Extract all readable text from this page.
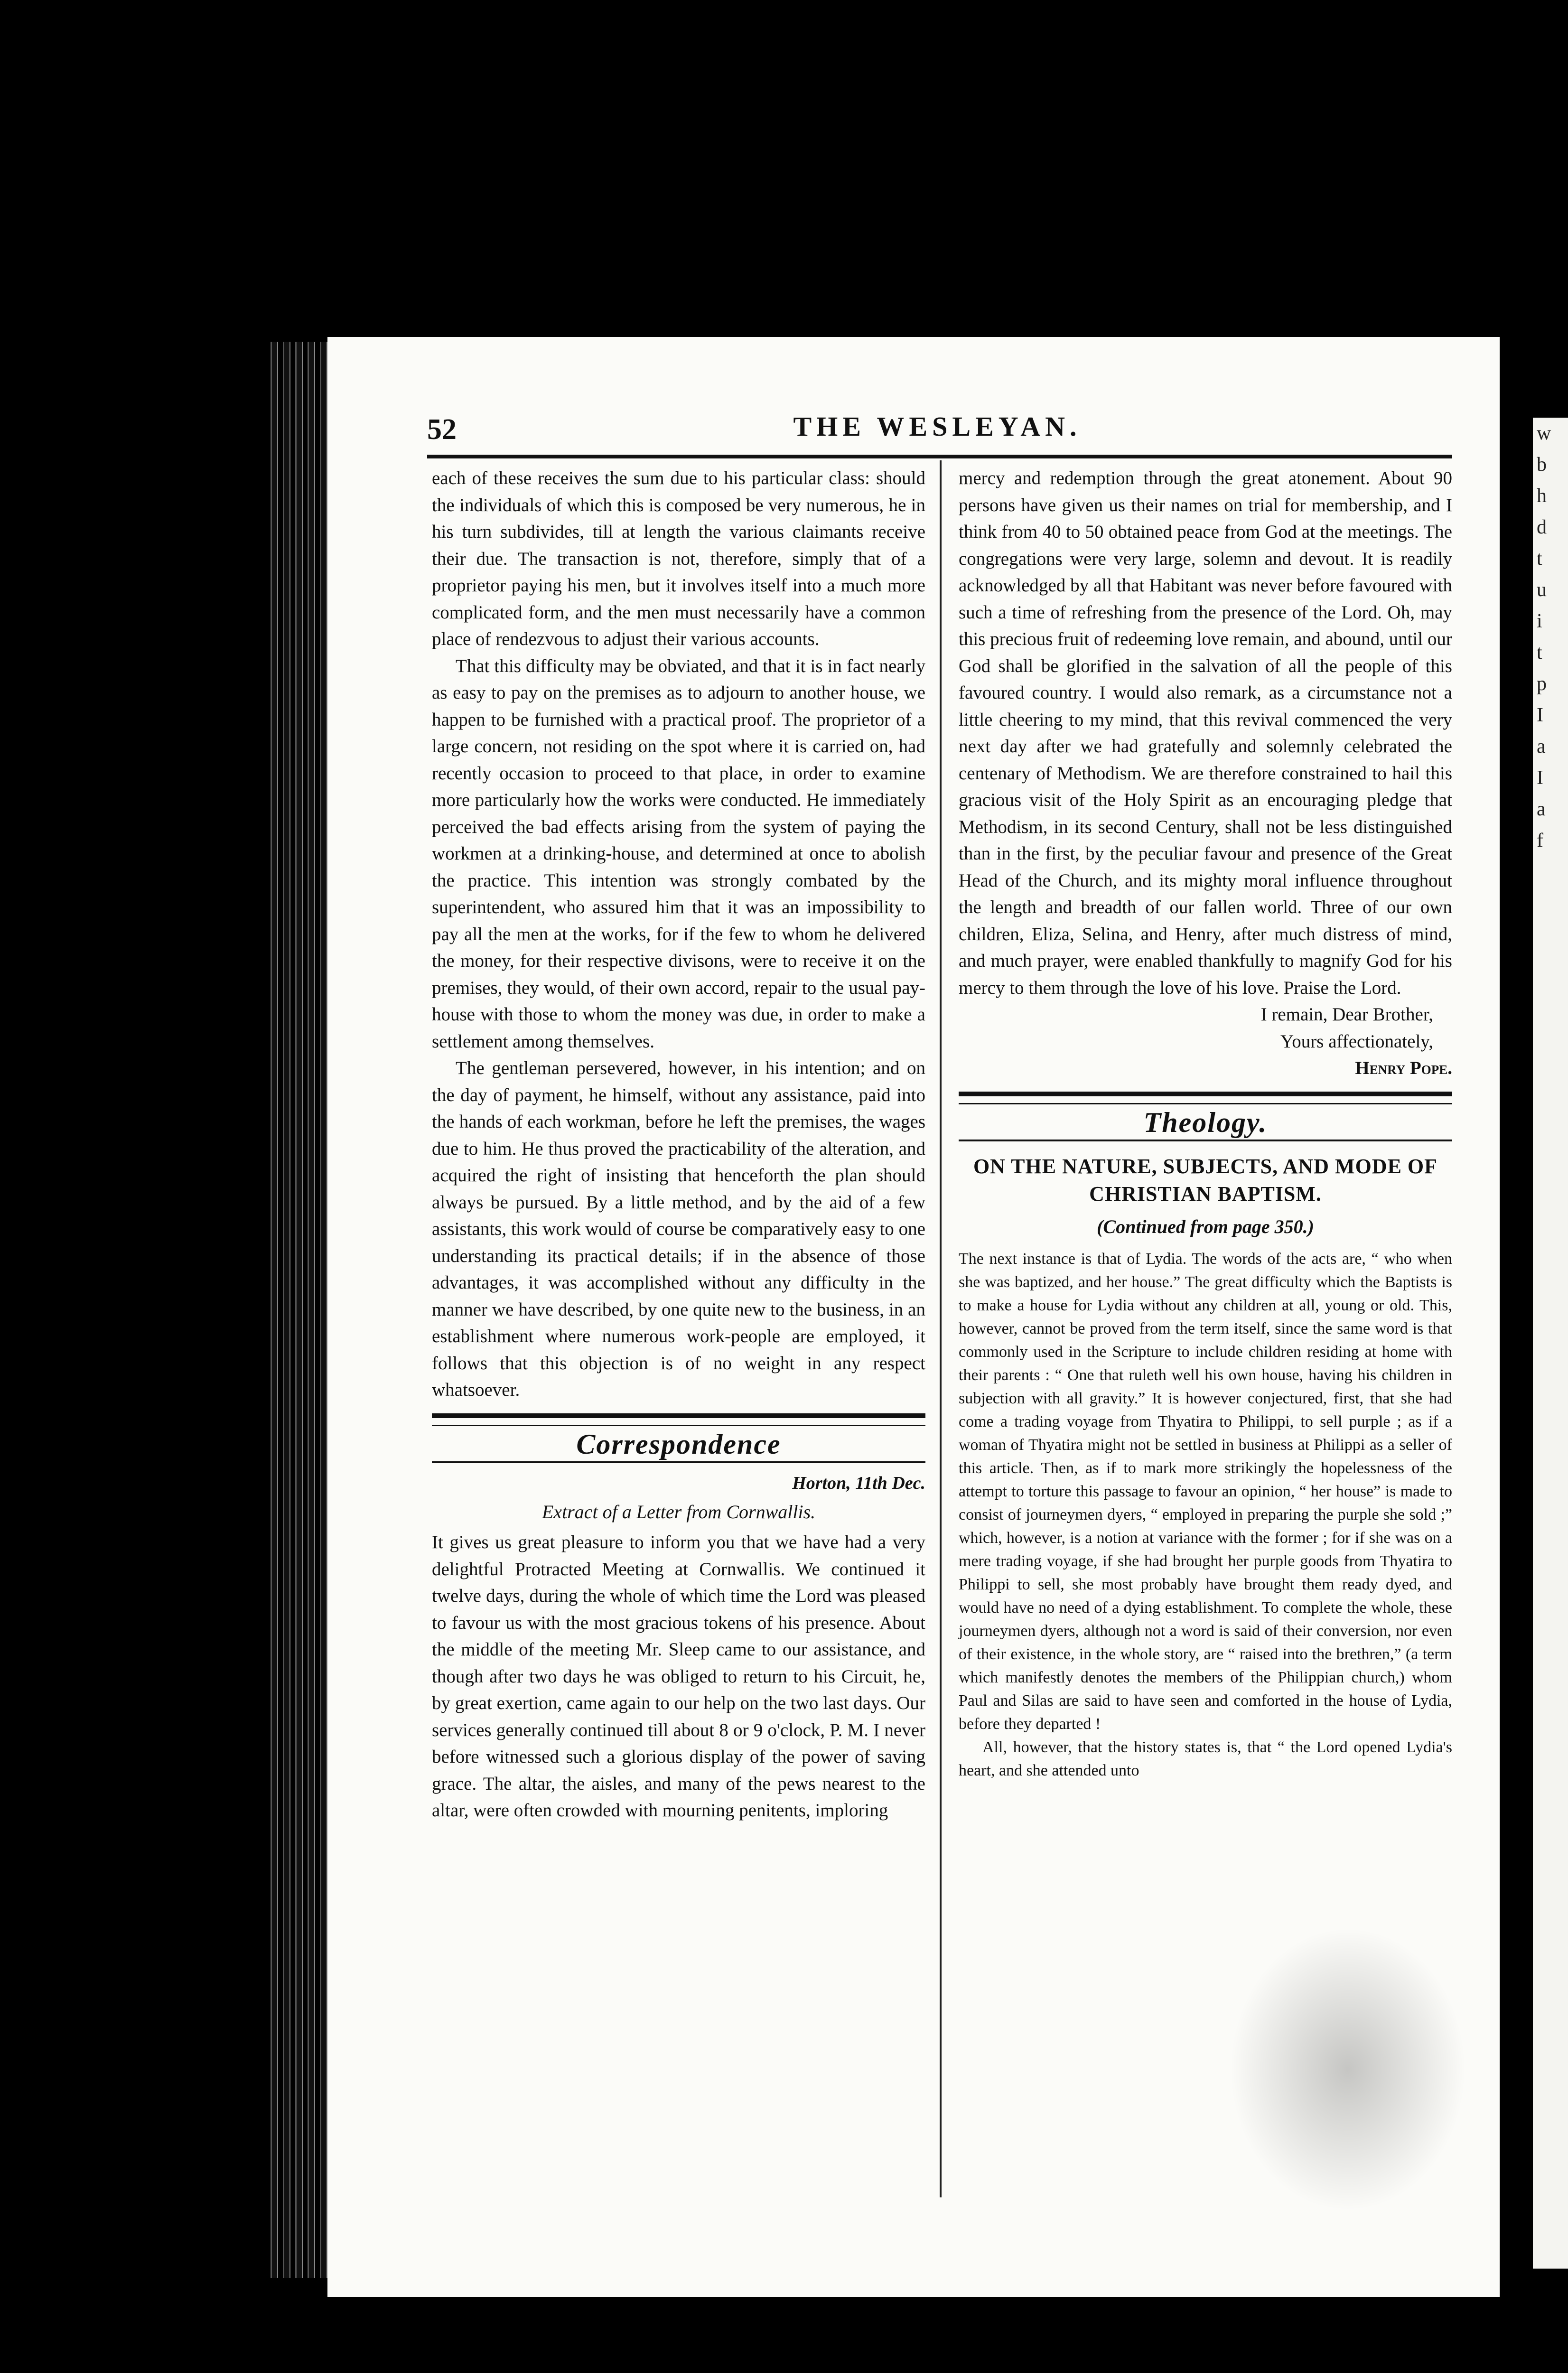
w
b
h
d
t
u
i
t
p
I
a
I
a
f
52	THE WESLEYAN.

each of these receives the sum due to his particular class: should the individuals of which this is composed be very numerous, he in his turn subdivides, till at length the various claimants receive their due. The transaction is not, therefore, simply that of a proprietor paying his men, but it involves itself into a much more complicated form, and the men must necessarily have a common place of rendezvous to adjust their various accounts.

That this difficulty may be obviated, and that it is in fact nearly as easy to pay on the premises as to adjourn to another house, we happen to be furnished with a practical proof. The proprietor of a large concern, not residing on the spot where it is carried on, had recently occasion to proceed to that place, in order to examine more particularly how the works were conducted. He immediately perceived the bad effects arising from the system of paying the workmen at a drinking-house, and determined at once to abolish the practice. This intention was strongly combated by the superintendent, who assured him that it was an impossibility to pay all the men at the works, for if the few to whom he delivered the money, for their respective divisons, were to receive it on the premises, they would, of their own accord, repair to the usual pay-house with those to whom the money was due, in order to make a settlement among themselves.

The gentleman persevered, however, in his intention; and on the day of payment, he himself, without any assistance, paid into the hands of each workman, before he left the premises, the wages due to him. He thus proved the practicability of the alteration, and acquired the right of insisting that henceforth the plan should always be pursued. By a little method, and by the aid of a few assistants, this work would of course be comparatively easy to one understanding its practical details; if in the absence of those advantages, it was accomplished without any difficulty in the manner we have described, by one quite new to the business, in an establishment where numerous work-people are employed, it follows that this objection is of no weight in any respect whatsoever.

Correspondence
Horton, 11th Dec.
Extract of a Letter from Cornwallis.

It gives us great pleasure to inform you that we have had a very delightful Protracted Meeting at Cornwallis. We continued it twelve days, during the whole of which time the Lord was pleased to favour us with the most gracious tokens of his presence. About the middle of the meeting Mr. Sleep came to our assistance, and though after two days he was obliged to return to his Circuit, he, by great exertion, came again to our help on the two last days. Our services generally continued till about 8 or 9 o'clock, P. M. I never before witnessed such a glorious display of the power of saving grace. The altar, the aisles, and many of the pews nearest to the altar, were often crowded with mourning penitents, imploring

mercy and redemption through the great atonement. About 90 persons have given us their names on trial for membership, and I think from 40 to 50 obtained peace from God at the meetings. The congregations were very large, solemn and devout. It is readily acknowledged by all that Habitant was never before favoured with such a time of refreshing from the presence of the Lord. Oh, may this precious fruit of redeeming love remain, and abound, until our God shall be glorified in the salvation of all the people of this favoured country. I would also remark, as a circumstance not a little cheering to my mind, that this revival commenced the very next day after we had gratefully and solemnly celebrated the centenary of Methodism. We are therefore constrained to hail this gracious visit of the Holy Spirit as an encouraging pledge that Methodism, in its second Century, shall not be less distinguished than in the first, by the peculiar favour and presence of the Great Head of the Church, and its mighty moral influence throughout the length and breadth of our fallen world. Three of our own children, Eliza, Selina, and Henry, after much distress of mind, and much prayer, were enabled thankfully to magnify God for his mercy to them through the love of his love. Praise the Lord.

I remain, Dear Brother,
Yours affectionately,
Henry Pope.
Theology.
ON THE NATURE, SUBJECTS, AND MODE OF CHRISTIAN BAPTISM.
(Continued from page 350.)

The next instance is that of Lydia. The words of the acts are, “ who when she was baptized, and her house.” The great difficulty which the Baptists is to make a house for Lydia without any children at all, young or old. This, however, cannot be proved from the term itself, since the same word is that commonly used in the Scripture to include children residing at home with their parents : “ One that ruleth well his own house, having his children in subjection with all gravity.” It is however conjectured, first, that she had come a trading voyage from Thyatira to Philippi, to sell purple ; as if a woman of Thyatira might not be settled in business at Philippi as a seller of this article. Then, as if to mark more strikingly the hopelessness of the attempt to torture this passage to favour an opinion, “ her house” is made to consist of journeymen dyers, “ employed in preparing the purple she sold ;” which, however, is a notion at variance with the former ; for if she was on a mere trading voyage, if she had brought her purple goods from Thyatira to Philippi to sell, she most probably have brought them ready dyed, and would have no need of a dying establishment. To complete the whole, these journeymen dyers, although not a word is said of their conversion, nor even of their existence, in the whole story, are “ raised into the brethren,” (a term which manifestly denotes the members of the Philippian church,) whom Paul and Silas are said to have seen and comforted in the house of Lydia, before they departed !

All, however, that the history states is, that “ the Lord opened Lydia's heart, and she attended unto
